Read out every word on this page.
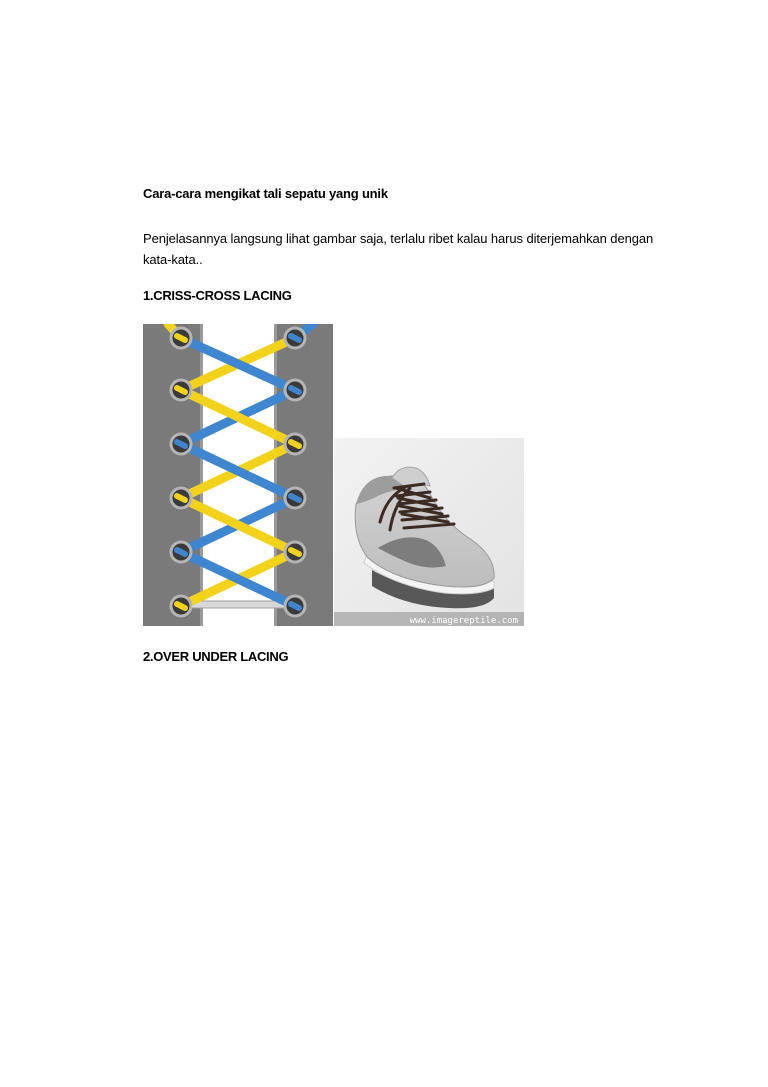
Cara-cara mengikat tali sepatu yang unik
Penjelasannya langsung lihat gambar saja, terlalu ribet kalau harus diterjemahkan dengan
kata-kata..
1.CRISS-CROSS LACING
www.imagereptile.com
2.OVER UNDER LACING
